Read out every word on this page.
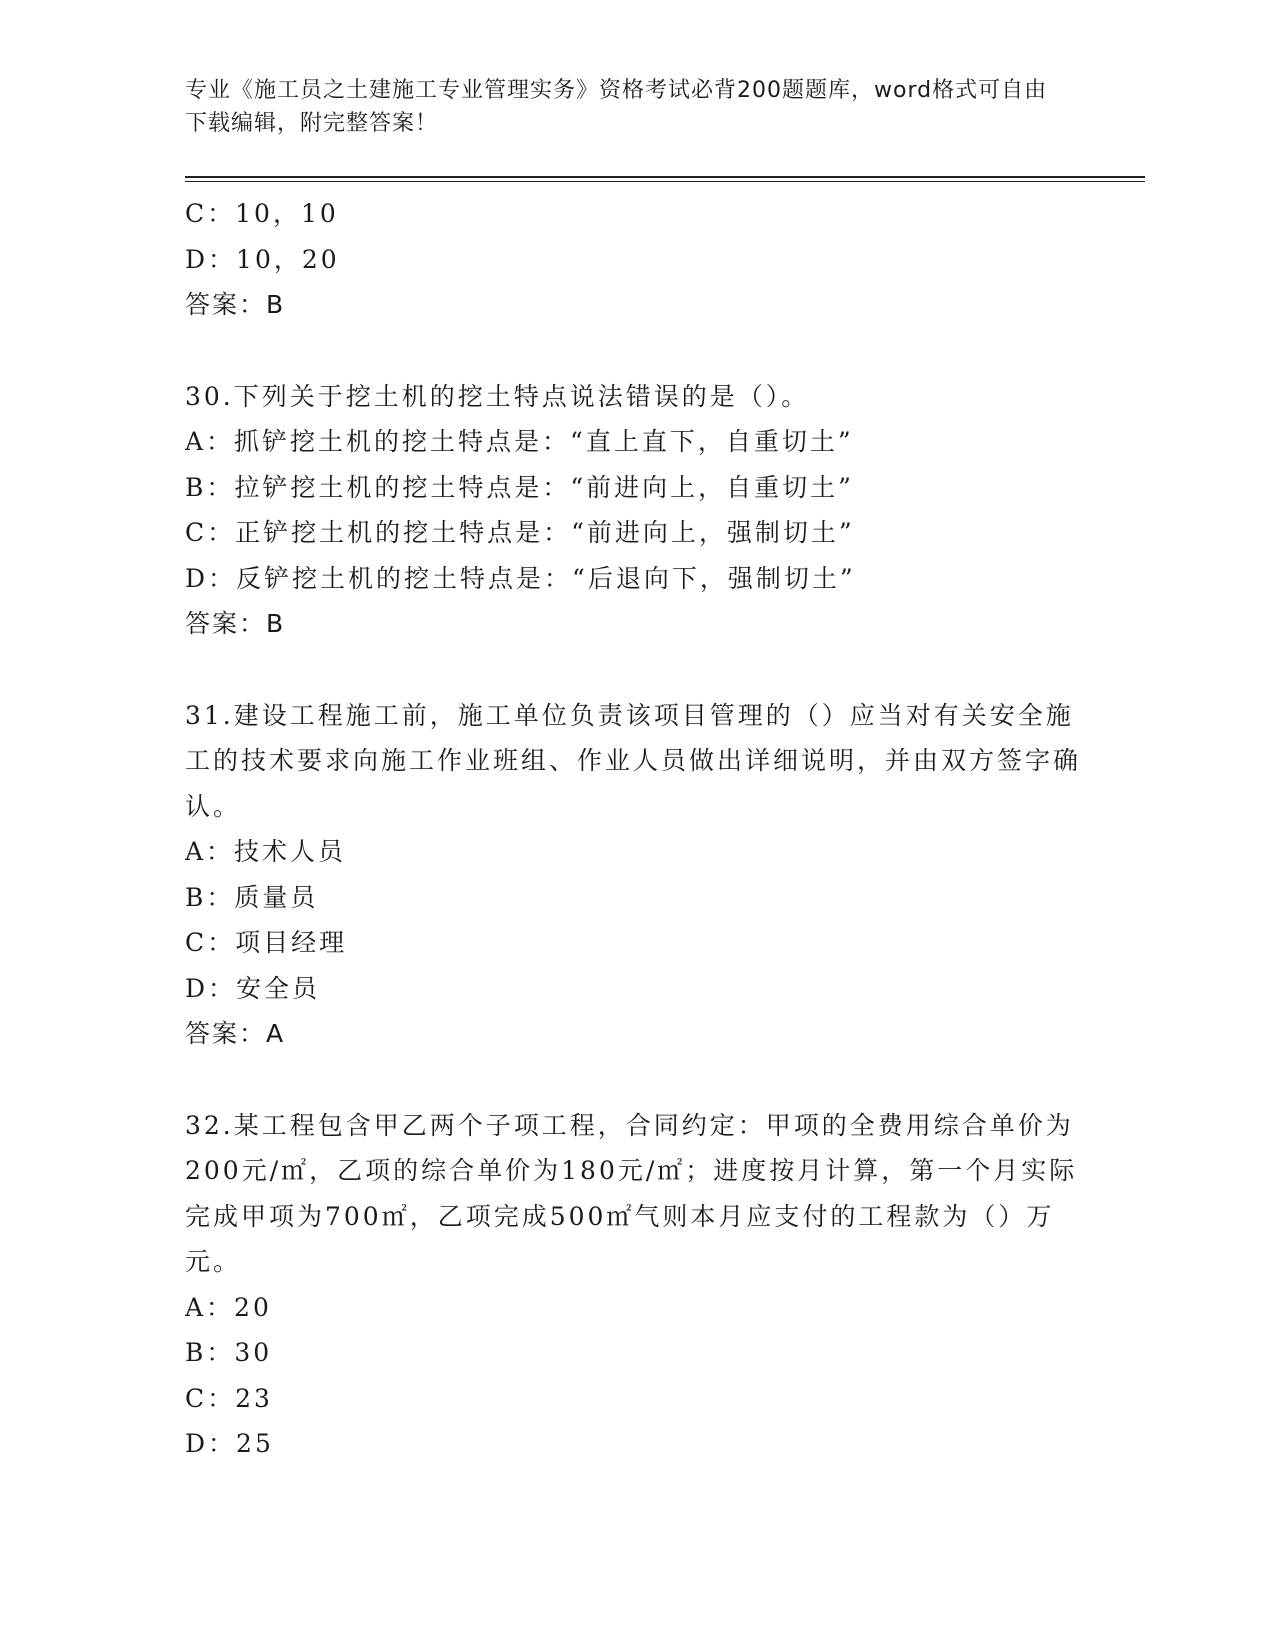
专业《施工员之土建施工专业管理实务》资格考试必背200题题库，word格式可自由下载编辑，附完整答案！
C：10，10
D：10，20
答案：B
30.下列关于挖土机的挖土特点说法错误的是（）。
A：抓铲挖土机的挖土特点是：“直上直下，自重切土”
B：拉铲挖土机的挖土特点是：“前进向上，自重切土”
C：正铲挖土机的挖土特点是：“前进向上，强制切土”
D：反铲挖土机的挖土特点是：“后退向下，强制切土”
答案：B
31.建设工程施工前，施工单位负责该项目管理的（）应当对有关安全施工的技术要求向施工作业班组、作业人员做出详细说明，并由双方签字确认。
A：技术人员
B：质量员
C：项目经理
D：安全员
答案：A
32.某工程包含甲乙两个子项工程，合同约定：甲项的全费用综合单价为200元/㎡，乙项的综合单价为180元/㎡；进度按月计算，第一个月实际完成甲项为700㎡，乙项完成500㎡气则本月应支付的工程款为（）万元。
A：20
B：30
C：23
D：25
